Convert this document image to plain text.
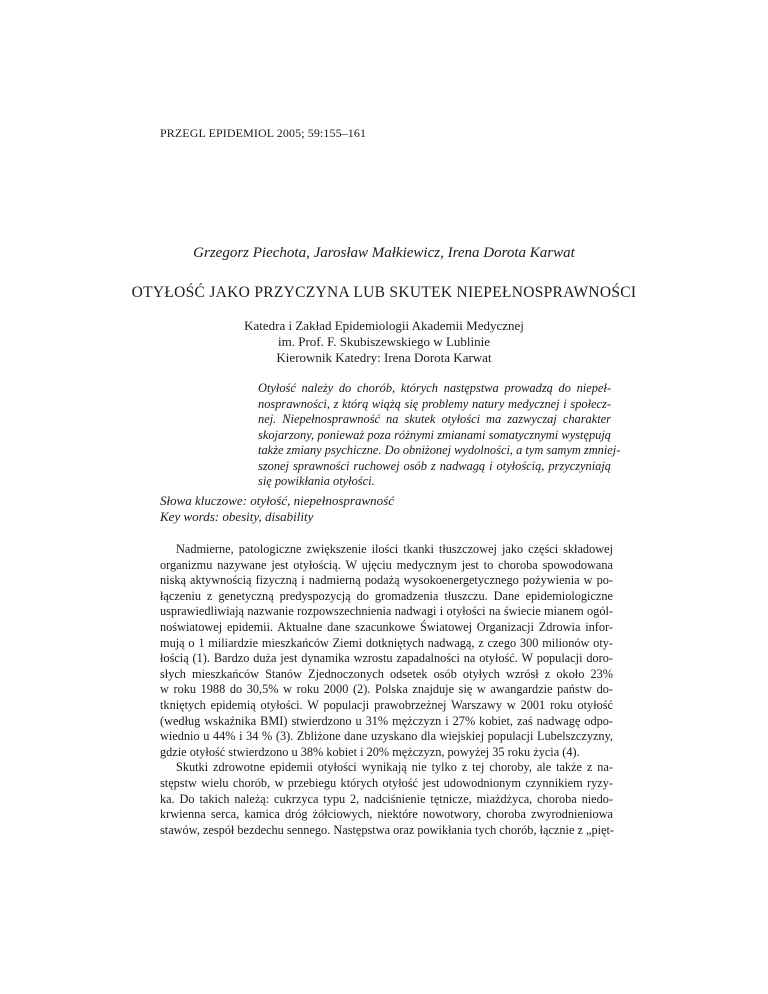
PRZEGL EPIDEMIOL 2005; 59:155–161
Grzegorz Piechota, Jarosław Małkiewicz, Irena Dorota Karwat
OTYŁOŚĆ JAKO PRZYCZYNA LUB SKUTEK NIEPEŁNOSPRAWNOŚCI
Katedra i Zakład Epidemiologii Akademii Medycznej
im. Prof. F. Skubiszewskiego w Lublinie
Kierownik Katedry: Irena Dorota Karwat
Otyłość należy do chorób, których następstwa prowadzą do niepeł-
nosprawności, z którą wiążą się problemy natury medycznej i społecz-
nej. Niepełnosprawność na skutek otyłości ma zazwyczaj charakter
skojarzony, ponieważ poza różnymi zmianami somatycznymi występują
także zmiany psychiczne. Do obniżonej wydolności, a tym samym zmniej-
szonej sprawności ruchowej osób z nadwagą i otyłością, przyczyniają
się powikłania otyłości.
Słowa kluczowe: otyłość, niepełnosprawność
Key words: obesity, disability
Nadmierne, patologiczne zwiększenie ilości tkanki tłuszczowej jako części składowej
organizmu nazywane jest otyłością. W ujęciu medycznym jest to choroba spowodowana
niską aktywnością fizyczną i nadmierną podażą wysokoenergetycznego pożywienia w po-
łączeniu z genetyczną predyspozycją do gromadzenia tłuszczu. Dane epidemiologiczne
usprawiedliwiają nazwanie rozpowszechnienia nadwagi i otyłości na świecie mianem ogól-
noświatowej epidemii. Aktualne dane szacunkowe Światowej Organizacji Zdrowia infor-
mują o 1 miliardzie mieszkańców Ziemi dotkniętych nadwagą, z czego 300 milionów oty-
łością (1). Bardzo duża jest dynamika wzrostu zapadalności na otyłość. W populacji doro-
słych mieszkańców Stanów Zjednoczonych odsetek osób otyłych wzrósł z około 23%
w roku 1988 do 30,5% w roku 2000 (2). Polska znajduje się w awangardzie państw do-
tkniętych epidemią otyłości. W populacji prawobrzeżnej Warszawy w 2001 roku otyłość
(według wskaźnika BMI) stwierdzono u 31% mężczyzn i 27% kobiet, zaś nadwagę odpo-
wiednio u 44% i 34 % (3). Zbliżone dane uzyskano dla wiejskiej populacji Lubelszczyzny,
gdzie otyłość stwierdzono u 38% kobiet i 20% mężczyzn, powyżej 35 roku życia (4).
Skutki zdrowotne epidemii otyłości wynikają nie tylko z tej choroby, ale także z na-
stępstw wielu chorób, w przebiegu których otyłość jest udowodnionym czynnikiem ryzy-
ka. Do takich należą: cukrzyca typu 2, nadciśnienie tętnicze, miażdżyca, choroba niedo-
krwienna serca, kamica dróg żółciowych, niektóre nowotwory, choroba zwyrodnieniowa
stawów, zespół bezdechu sennego. Następstwa oraz powikłania tych chorób, łącznie z „pięt-
